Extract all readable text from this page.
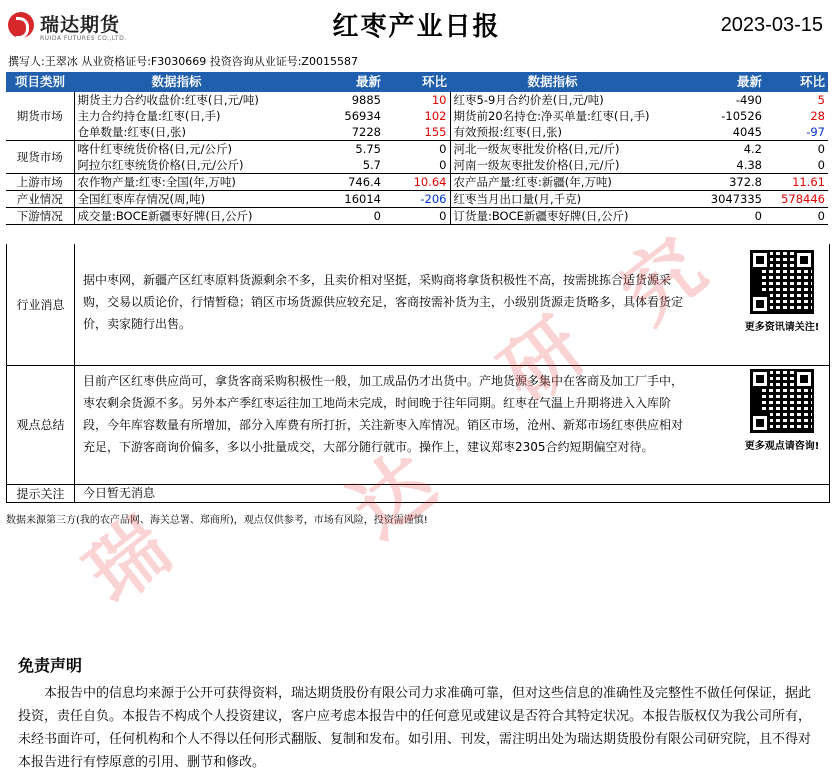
瑞达期货
RUIDA FUTURES CO.,LTD.	红枣产业日报	2023-03-15
撰写人:王翠冰 从业资格证号:F3030669 投资咨询从业证号:Z0015587
项目类别	数据指标	最新	环比	数据指标	最新	环比
期货市场	期货主力合约收盘价:红枣(日,元/吨)	9885	10	红枣5-9月合约价差(日,元/吨)	-490	5
	主力合约持仓量:红枣(日,手)	56934	102	期货前20名持仓:净买单量:红枣(日,手)	-10526	28
	仓单数量:红枣(日,张)	7228	155	有效预报:红枣(日,张)	4045	-97
现货市场	喀什红枣统货价格(日,元/公斤)	5.75	0	河北一级灰枣批发价格(日,元/斤)	4.2	0
	阿拉尔红枣统货价格(日,元/公斤)	5.7	0	河南一级灰枣批发价格(日,元/斤)	4.38	0
上游市场	农作物产量:红枣:全国(年,万吨)	746.4	10.64	农产品产量:红枣:新疆(年,万吨)	372.8	11.61
产业情况	全国红枣库存情况(周,吨)	16014	-206	红枣当月出口量(月,千克)	3047335	578446
下游情况	成交量:BOCE新疆枣好牌(日,公斤)	0	0	订货量:BOCE新疆枣好牌(日,公斤)	0	0
行业消息
据中枣网，新疆产区红枣原料货源剩余不多，且卖价相对坚挺，采购商将拿货积极性不高，按需挑拣合适货源采购，交易以质论价，行情暂稳；销区市场货源供应较充足，客商按需补货为主，小级别货源走货略多，具体看货定价，卖家随行出售。	更多资讯请关注!
观点总结
目前产区红枣供应尚可，拿货客商采购积极性一般，加工成品仍才出货中。产地货源多集中在客商及加工厂手中，枣农剩余货源不多。另外本产季红枣运往加工地尚未完成，时间晚于往年同期。红枣在气温上升期将进入入库阶段，今年库容数量有所增加，部分入库费有所打折，关注新枣入库情况。销区市场，沧州、新郑市场红枣供应相对充足，下游客商询价偏多，多以小批量成交，大部分随行就市。操作上，建议郑枣2305合约短期偏空对待。	更多观点请咨询!
提示关注	今日暂无消息
数据来源第三方(我的农产品网、海关总署、郑商所)，观点仅供参考，市场有风险，投资需谨慎!
免责声明
本报告中的信息均来源于公开可获得资料，瑞达期货股份有限公司力求准确可靠，但对这些信息的准确性及完整性不做任何保证，据此投资，责任自负。本报告不构成个人投资建议，客户应考虑本报告中的任何意见或建议是否符合其特定状况。本报告版权仅为我公司所有，未经书面许可，任何机构和个人不得以任何形式翻版、复制和发布。如引用、刊发，需注明出处为瑞达期货股份有限公司研究院，且不得对本报告进行有悖原意的引用、删节和修改。
瑞
达
研
究
